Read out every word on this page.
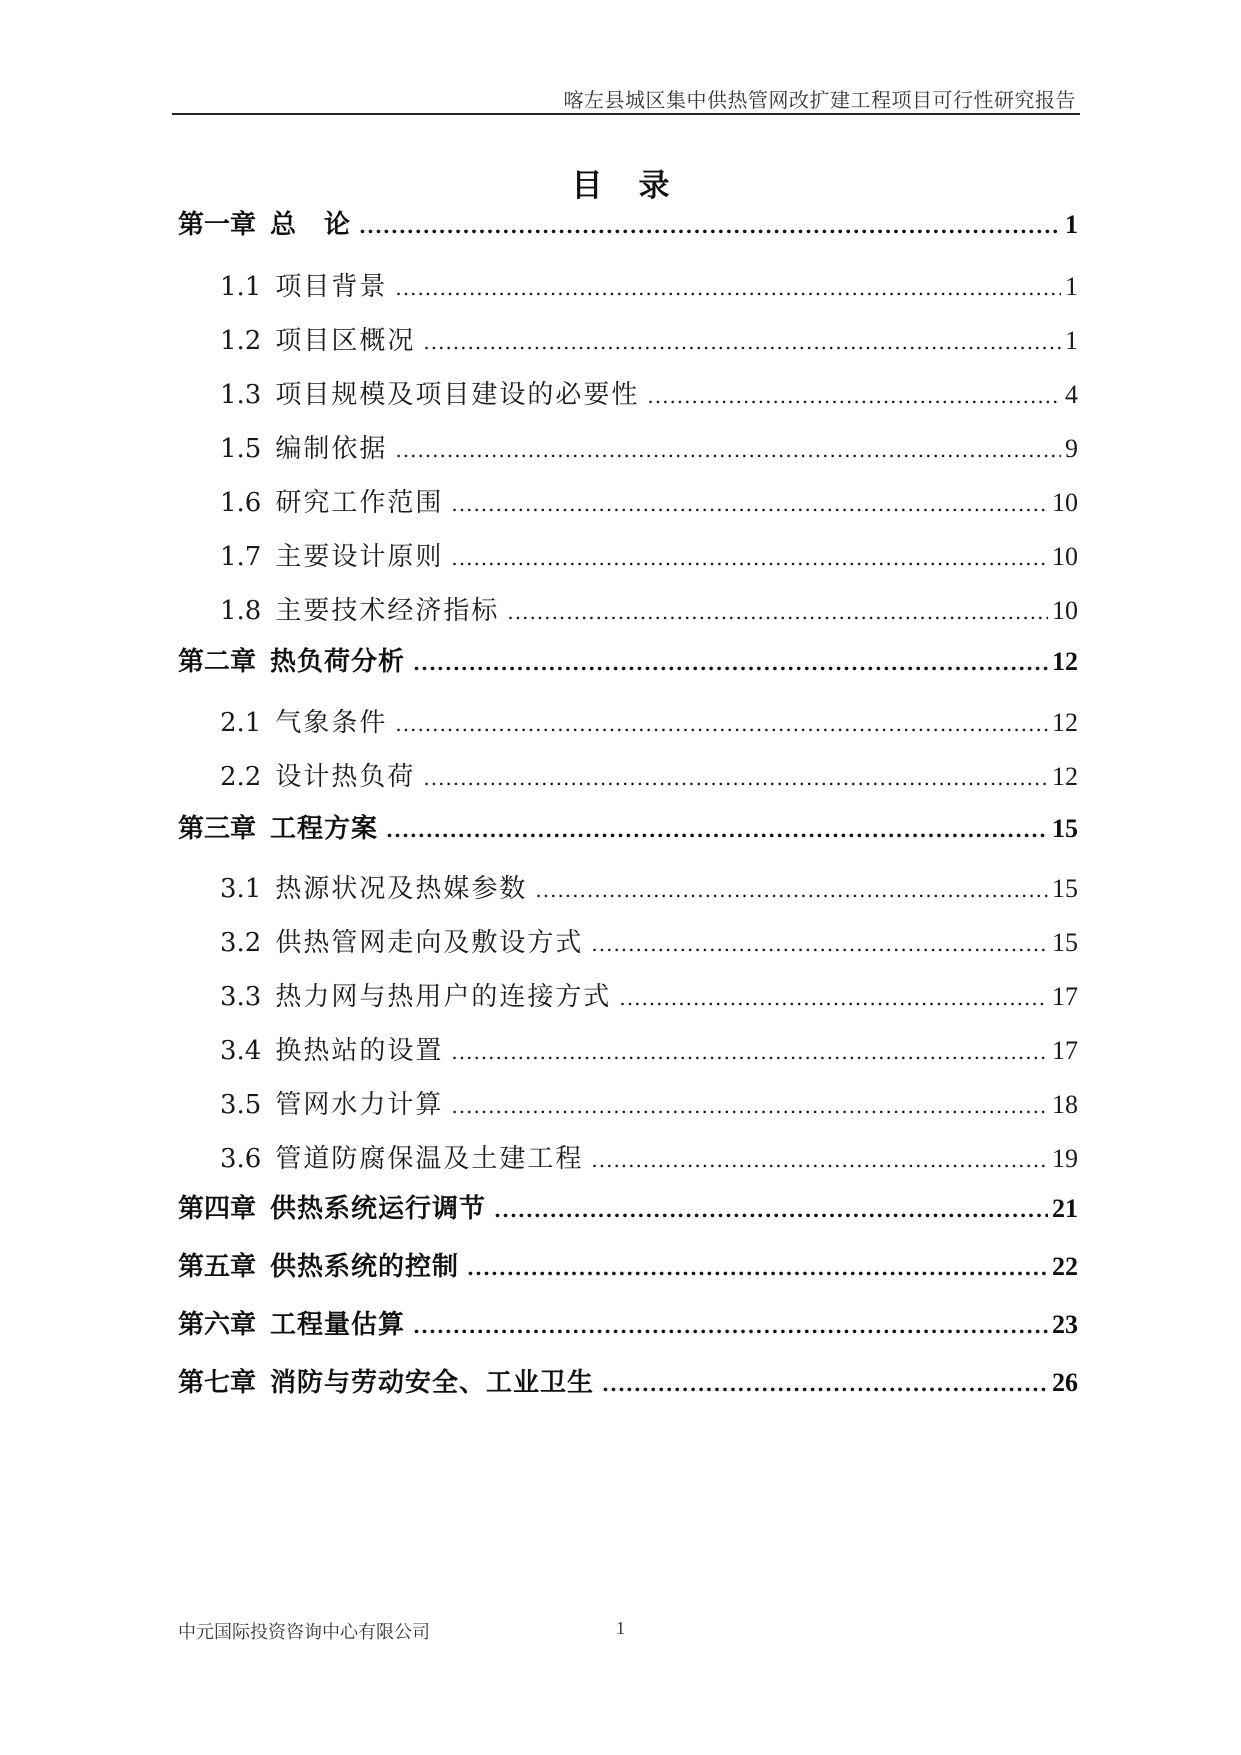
喀左县城区集中供热管网改扩建工程项目可行性研究报告
目录
第一章 总　论 .....	1
1.1 项目背景 .....	1
1.2 项目区概况 .....	1
1.3 项目规模及项目建设的必要性 .....	4
1.5 编制依据 .....	9
1.6 研究工作范围 .....	10
1.7 主要设计原则 .....	10
1.8 主要技术经济指标 .....	10
第二章 热负荷分析 .....	12
2.1 气象条件 .....	12
2.2 设计热负荷 .....	12
第三章 工程方案 .....	15
3.1 热源状况及热媒参数 .....	15
3.2 供热管网走向及敷设方式 .....	15
3.3 热力网与热用户的连接方式 .....	17
3.4 换热站的设置 .....	17
3.5 管网水力计算 .....	18
3.6 管道防腐保温及土建工程 .....	19
第四章 供热系统运行调节 .....	21
第五章 供热系统的控制 .....	22
第六章 工程量估算 .....	23
第七章 消防与劳动安全、工业卫生 .....	26
中元国际投资咨询中心有限公司	1
